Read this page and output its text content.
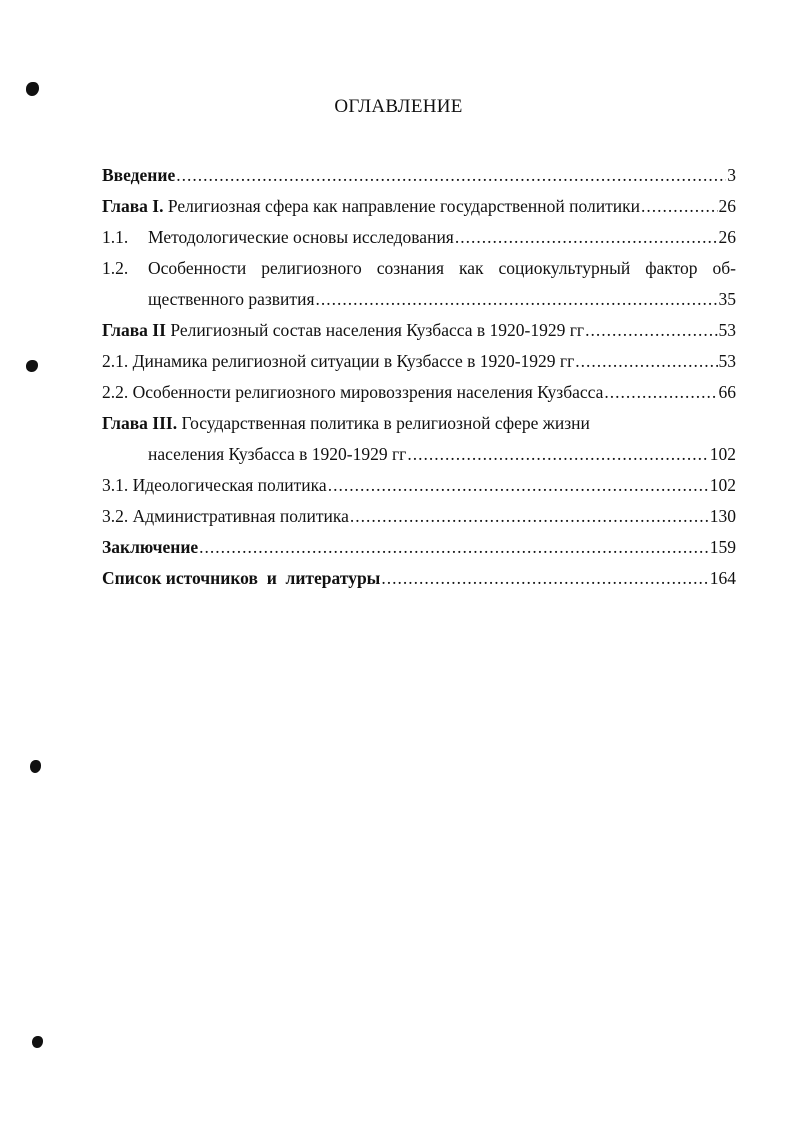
ОГЛАВЛЕНИЕ
Введение .....	3
Глава I. Религиозная сфера как направление государственной политики .....	26
1.1. Методологические основы исследования .....	26
1.2.	Особенности религиозного сознания как социокультурный фактор об-
щественного развития .....	35
Глава II Религиозный состав населения Кузбасса в 1920-1929 гг .....	53
2.1. Динамика религиозной ситуации в Кузбассе в 1920-1929 гг .....	53
2.2. Особенности религиозного мировоззрения населения Кузбасса .....	66
Глава III. Государственная политика в религиозной сфере жизни
населения Кузбасса в 1920-1929 гг .....	102
3.1. Идеологическая политика .....	102
3.2. Административная политика .....	130
Заключение .....	159
Список источников  и  литературы .....	164
